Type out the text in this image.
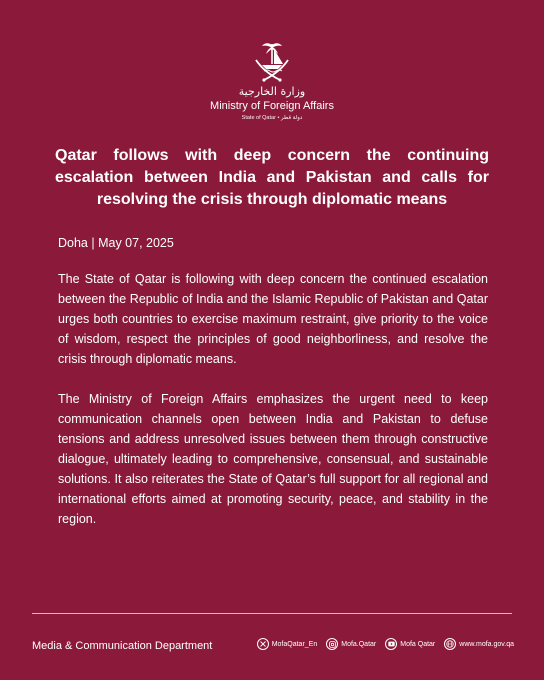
وزارة الخارجية
Ministry of Foreign Affairs
State of Qatar • دولة قطر
Qatar follows with deep concern the continuing escalation between India and Pakistan and calls for resolving the crisis through diplomatic means

Doha | May 07, 2025

The State of Qatar is following with deep concern the continued escalation between the Republic of India and the Islamic Republic of Pakistan and Qatar urges both countries to exercise maximum restraint, give priority to the voice of wisdom, respect the principles of good neighborliness, and resolve the crisis through diplomatic means.

The Ministry of Foreign Affairs emphasizes the urgent need to keep communication channels open between India and Pakistan to defuse tensions and address unresolved issues between them through constructive dialogue, ultimately leading to comprehensive, consensual, and sustainable solutions. It also reiterates the State of Qatar’s full support for all regional and international efforts aimed at promoting security, peace, and stability in the region.

Media & Communication Department	MofaQatar_En	Mofa.Qatar	Mofa Qatar	www.mofa.gov.qa
